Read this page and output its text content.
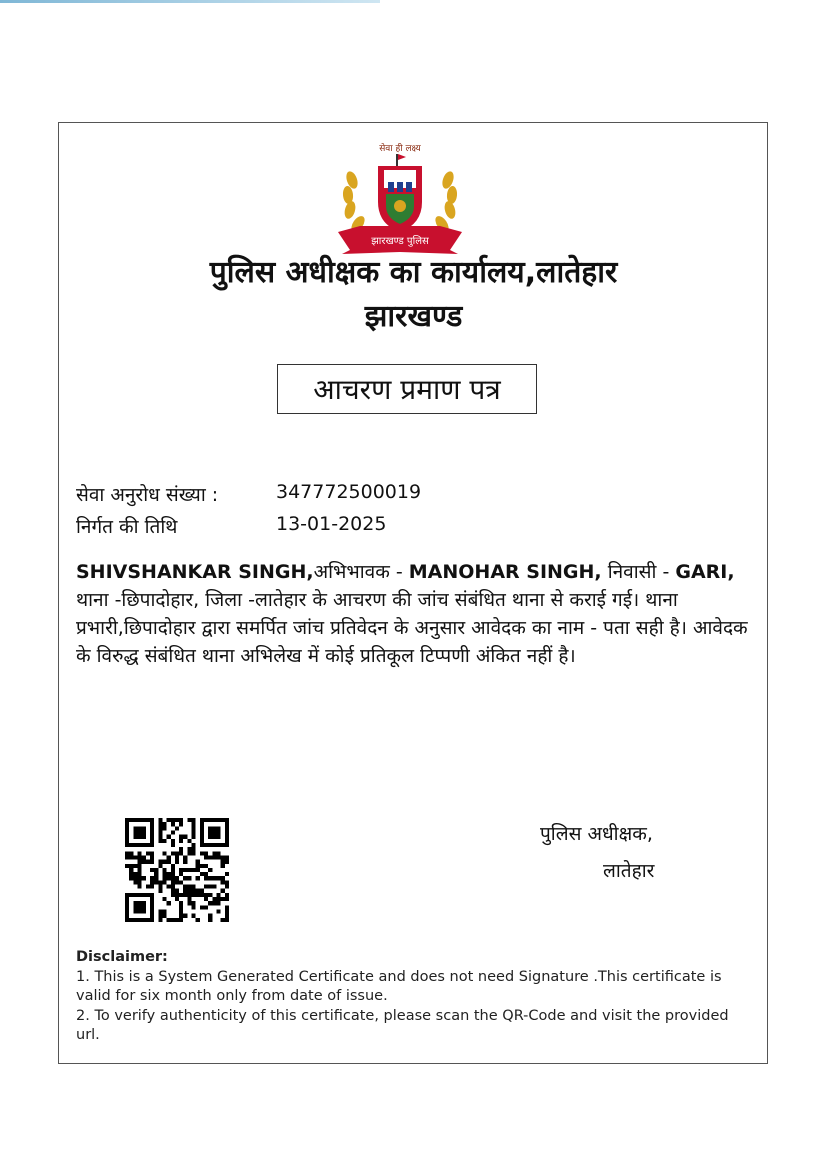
सेवा ही लक्ष्य
झारखण्ड पुलिस
पुलिस अधीक्षक का कार्यालय,लातेहार
झारखण्ड
आचरण प्रमाण पत्र
सेवा अनुरोध संख्या :	347772500019
निर्गत की तिथि	13-01-2025
SHIVSHANKAR SINGH,अभिभावक - MANOHAR SINGH, निवासी - GARI, थाना -छिपादोहार, जिला -लातेहार के आचरण की जांच संबंधित थाना से कराई गई। थाना प्रभारी,छिपादोहार द्वारा समर्पित जांच प्रतिवेदन के अनुसार आवेदक का नाम - पता सही है। आवेदक के विरुद्ध संबंधित थाना अभिलेख में कोई प्रतिकूल टिप्पणी अंकित नहीं है।
पुलिस अधीक्षक,
लातेहार
Disclaimer:
1. This is a System Generated Certificate and does not need Signature .This certificate is valid for six month only from date of issue.
2. To verify authenticity of this certificate, please scan the QR-Code and visit the provided url.
